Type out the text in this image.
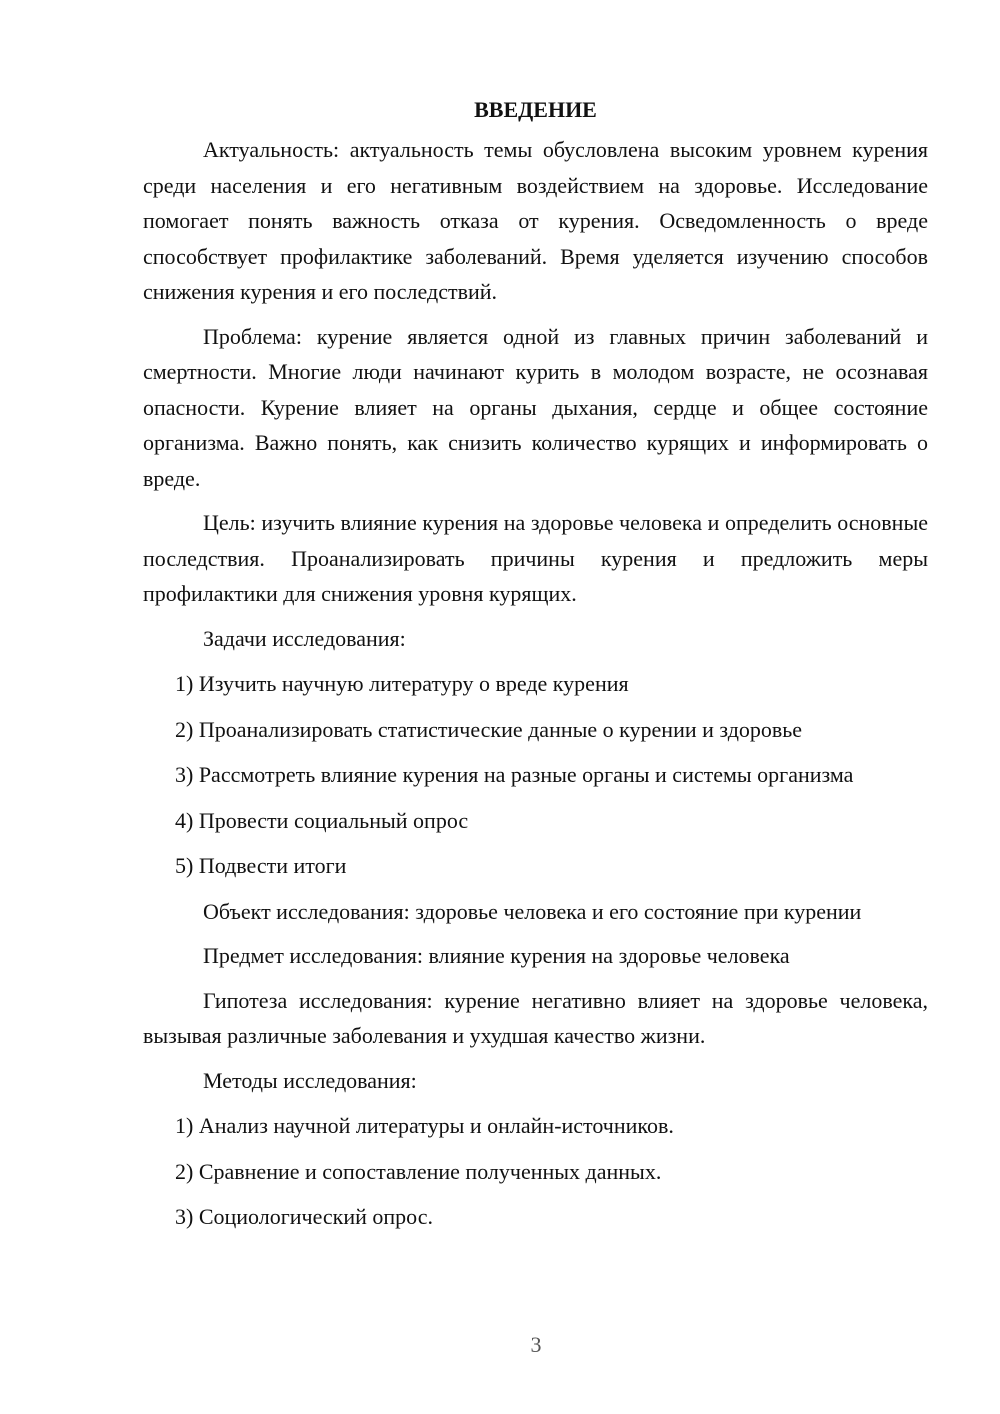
ВВЕДЕНИЕ

Актуальность: актуальность темы обусловлена высоким уровнем курения среди населения и его негативным воздействием на здоровье. Исследование помогает понять важность отказа от курения. Осведомленность о вреде способствует профилактике заболеваний. Время уделяется изучению способов снижения курения и его последствий.

Проблема: курение является одной из главных причин заболеваний и смертности. Многие люди начинают курить в молодом возрасте, не осознавая опасности. Курение влияет на органы дыхания, сердце и общее состояние организма. Важно понять, как снизить количество курящих и информировать о вреде.

Цель: изучить влияние курения на здоровье человека и определить основные последствия. Проанализировать причины курения и предложить меры профилактики для снижения уровня курящих.

Задачи исследования:

1) Изучить научную литературу о вреде курения

2) Проанализировать статистические данные о курении и здоровье

3) Рассмотреть влияние курения на разные органы и системы организма

4) Провести социальный опрос

5) Подвести итоги

Объект исследования: здоровье человека и его состояние при курении

Предмет исследования: влияние курения на здоровье человека

Гипотеза исследования: курение негативно влияет на здоровье человека, вызывая различные заболевания и ухудшая качество жизни.

Методы исследования:

1) Анализ научной литературы и онлайн-источников.

2) Сравнение и сопоставление полученных данных.

3) Социологический опрос.

3
